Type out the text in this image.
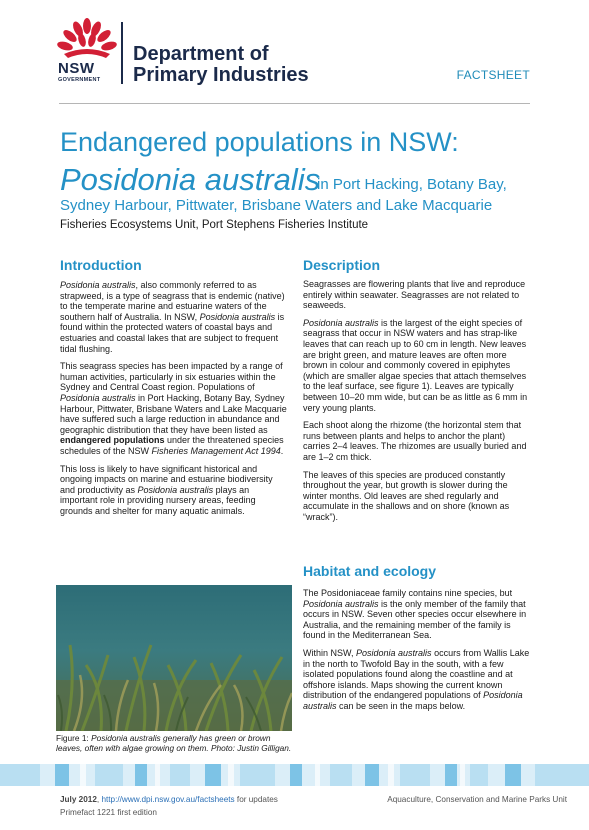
NSW
GOVERNMENT
Department of
Primary Industries	FACTSHEET
Endangered populations in NSW:
Posidonia australis
in Port Hacking, Botany Bay,
Sydney Harbour, Pittwater, Brisbane Waters and Lake Macquarie
Fisheries Ecosystems Unit, Port Stephens Fisheries Institute
Introduction

Posidonia australis, also commonly referred to as strapweed, is a type of seagrass that is endemic (native) to the temperate marine and estuarine waters of the southern half of Australia. In NSW, Posidonia australis is found within the protected waters of coastal bays and estuaries and coastal lakes that are subject to frequent tidal flushing.

This seagrass species has been impacted by a range of human activities, particularly in six estuaries within the Sydney and Central Coast region. Populations of Posidonia australis in Port Hacking, Botany Bay, Sydney Harbour, Pittwater, Brisbane Waters and Lake Macquarie have suffered such a large reduction in abundance and geographic distribution that they have been listed as endangered populations under the threatened species schedules of the NSW Fisheries Management Act 1994.

This loss is likely to have significant historical and ongoing impacts on marine and estuarine biodiversity and productivity as Posidonia australis plays an important role in providing nursery areas, feeding grounds and shelter for many aquatic animals.

Figure 1: Posidonia australis generally has green or brown leaves, often with algae growing on them. Photo: Justin Gilligan.
Description

Seagrasses are flowering plants that live and reproduce entirely within seawater. Seagrasses are not related to seaweeds.

Posidonia australis is the largest of the eight species of seagrass that occur in NSW waters and has strap-like leaves that can reach up to 60 cm in length. New leaves are bright green, and mature leaves are often more brown in colour and commonly covered in epiphytes (which are smaller algae species that attach themselves to the leaf surface, see figure 1). Leaves are typically between 10–20 mm wide, but can be as little as 6 mm in very young plants.

Each shoot along the rhizome (the horizontal stem that runs between plants and helps to anchor the plant) carries 2–4 leaves. The rhizomes are usually buried and are 1–2 cm thick.

The leaves of this species are produced constantly throughout the year, but growth is slower during the winter months. Old leaves are shed regularly and accumulate in the shallows and on shore (known as “wrack”).

Habitat and ecology

The Posidoniaceae family contains nine species, but Posidonia australis is the only member of the family that occurs in NSW. Seven other species occur elsewhere in Australia, and the remaining member of the family is found in the Mediterranean Sea.

Within NSW, Posidonia australis occurs from Wallis Lake in the north to Twofold Bay in the south, with a few isolated populations found along the coastline and at offshore islands. Maps showing the current known distribution of the endangered populations of Posidonia australis can be seen in the maps below.

July 2012, http://www.dpi.nsw.gov.au/factsheets for updates
Primefact 1221 first edition
Aquaculture, Conservation and Marine Parks Unit
